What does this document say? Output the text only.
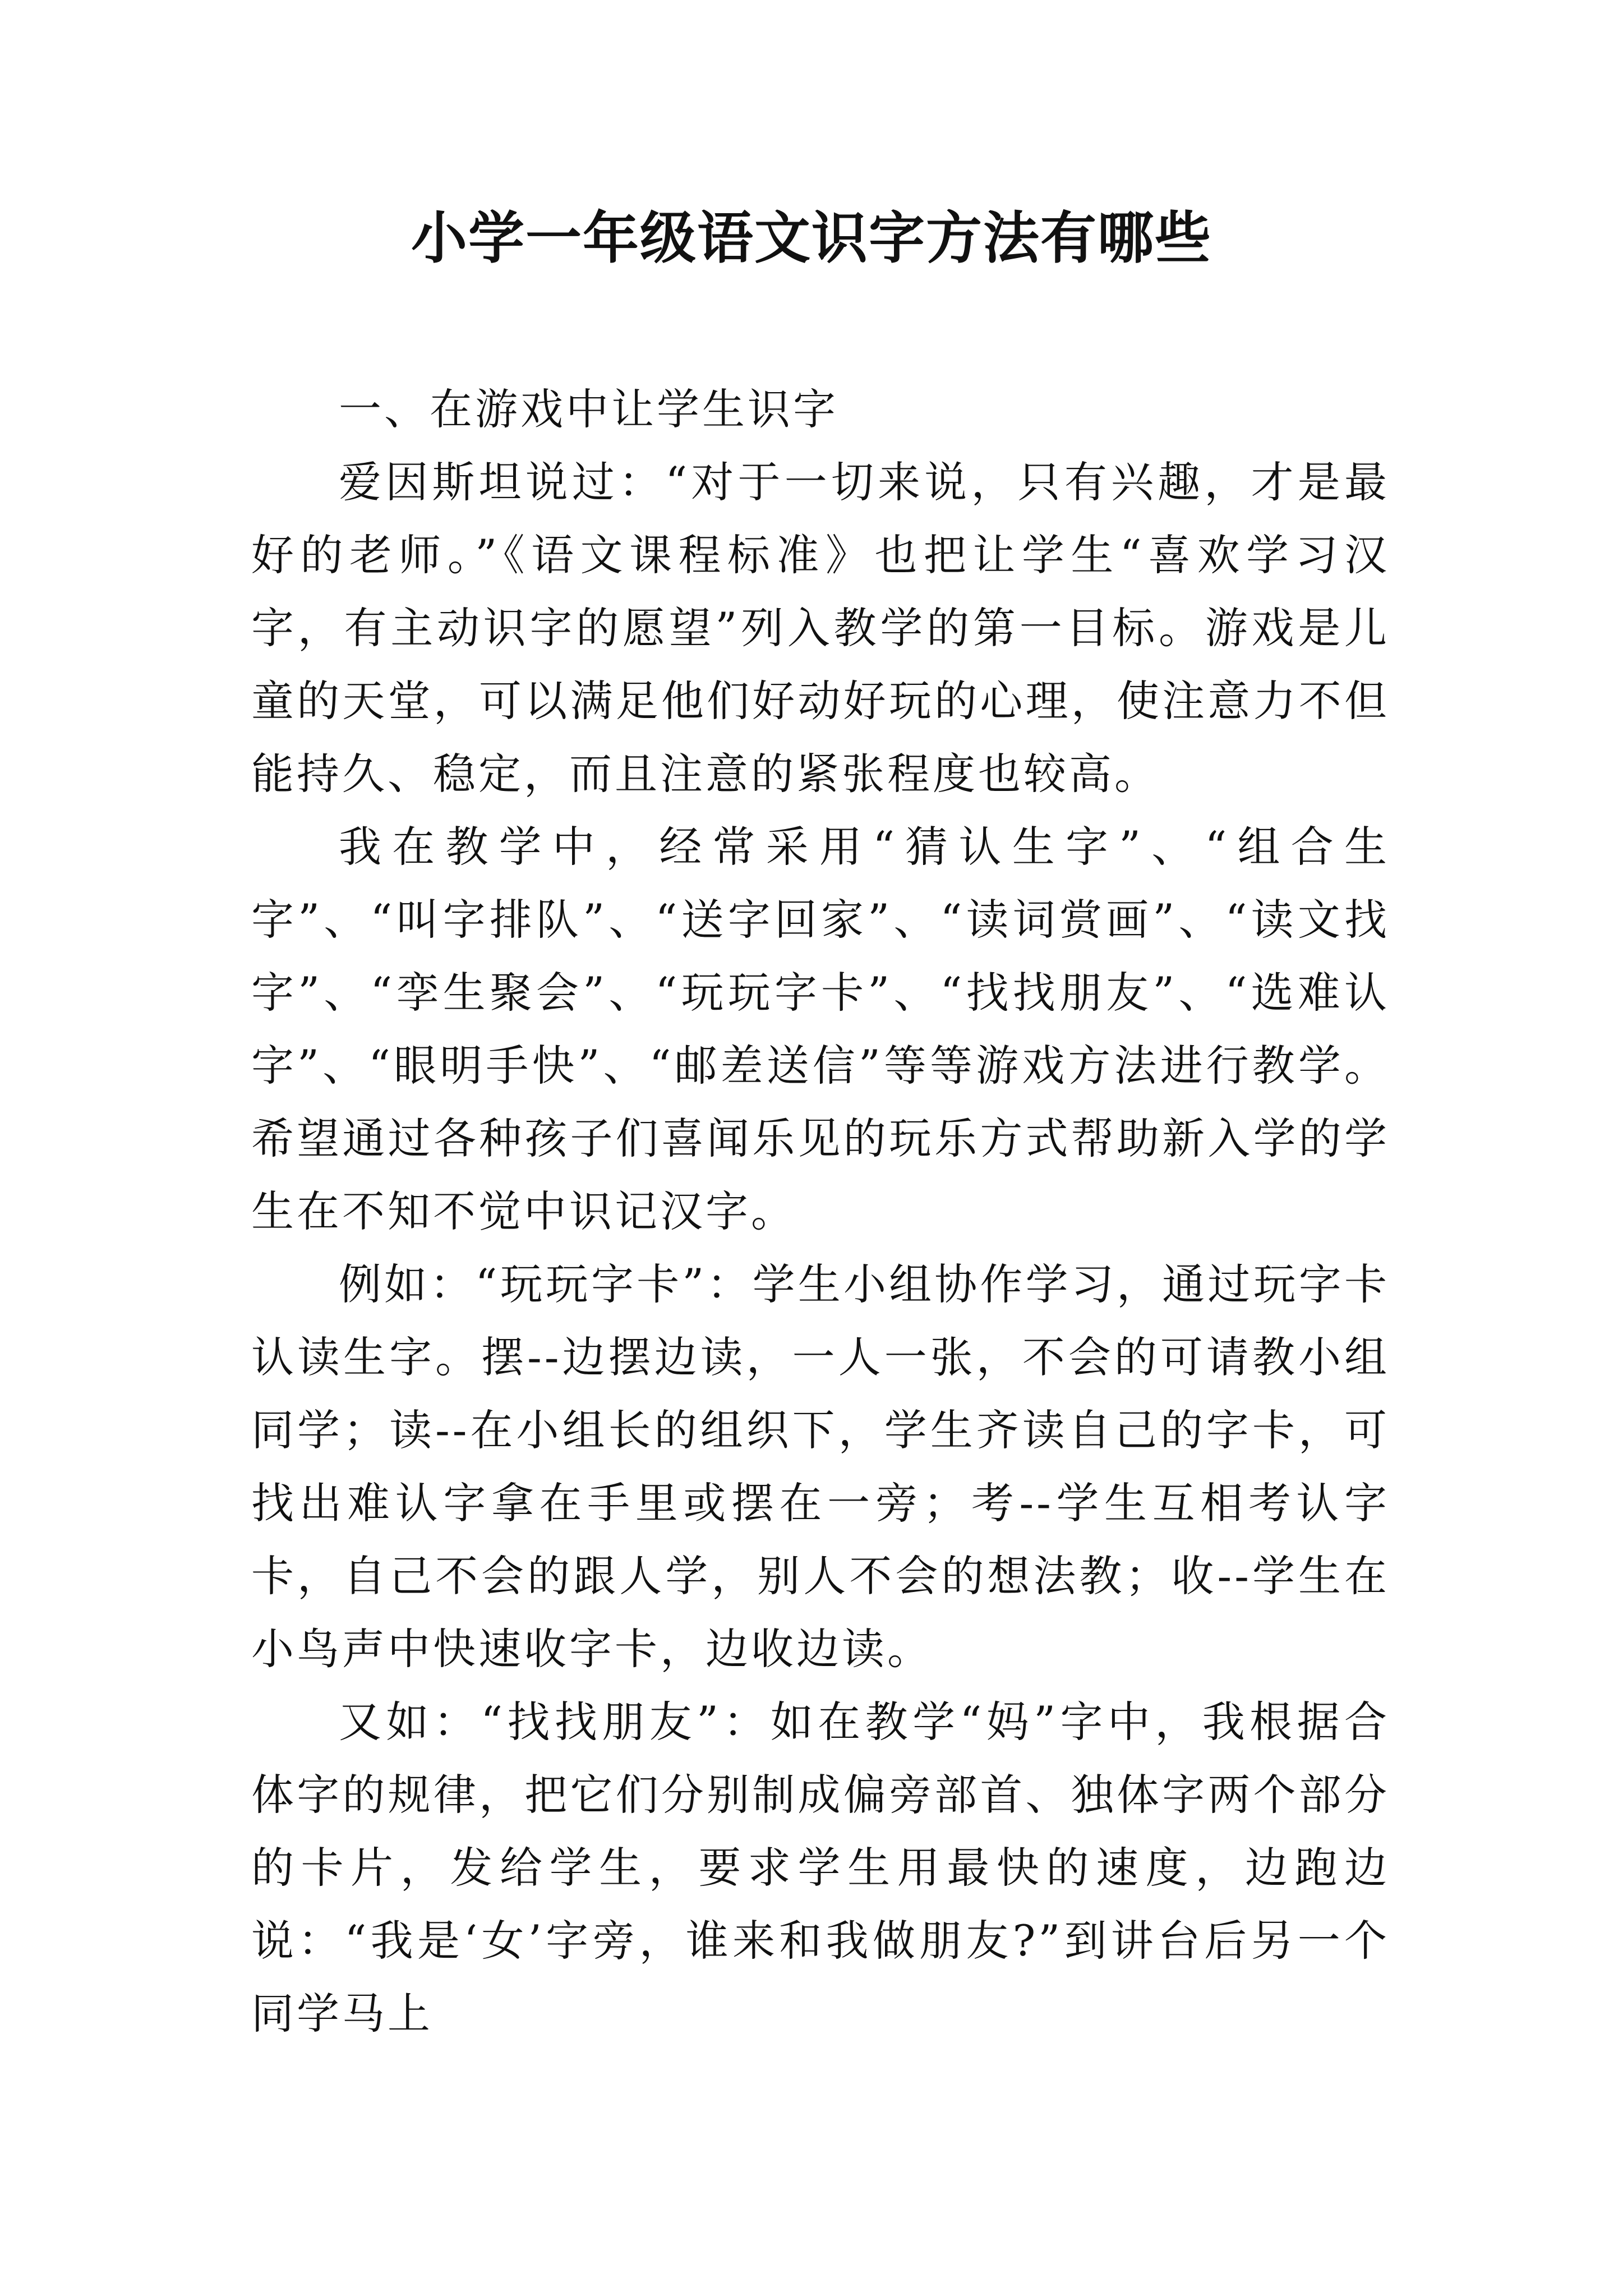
小学一年级语文识字方法有哪些

一、在游戏中让学生识字

爱因斯坦说过：“对于一切来说，只有兴趣，才是最好的老师。”《语文课程标准》也把让学生“喜欢学习汉字，有主动识字的愿望”列入教学的第一目标。游戏是儿童的天堂，可以满足他们好动好玩的心理，使注意力不但能持久、稳定，而且注意的紧张程度也较高。

我在教学中，经常采用“猜认生字”、“组合生字”、“叫字排队”、“送字回家”、“读词赏画”、“读文找字”、“孪生聚会”、“玩玩字卡”、“找找朋友”、“选难认字”、“眼明手快”、“邮差送信”等等游戏方法进行教学。希望通过各种孩子们喜闻乐见的玩乐方式帮助新入学的学生在不知不觉中识记汉字。

例如：“玩玩字卡”：学生小组协作学习，通过玩字卡认读生字。摆--边摆边读，一人一张，不会的可请教小组同学；读--在小组长的组织下，学生齐读自己的字卡，可找出难认字拿在手里或摆在一旁；考--学生互相考认字卡，自己不会的跟人学，别人不会的想法教；收--学生在小鸟声中快速收字卡，边收边读。

又如：“找找朋友”：如在教学“妈”字中，我根据合体字的规律，把它们分别制成偏旁部首、独体字两个部分的卡片，发给学生，要求学生用最快的速度，边跑边说：“我是‘女’字旁，谁来和我做朋友?”到讲台后另一个同学马上
